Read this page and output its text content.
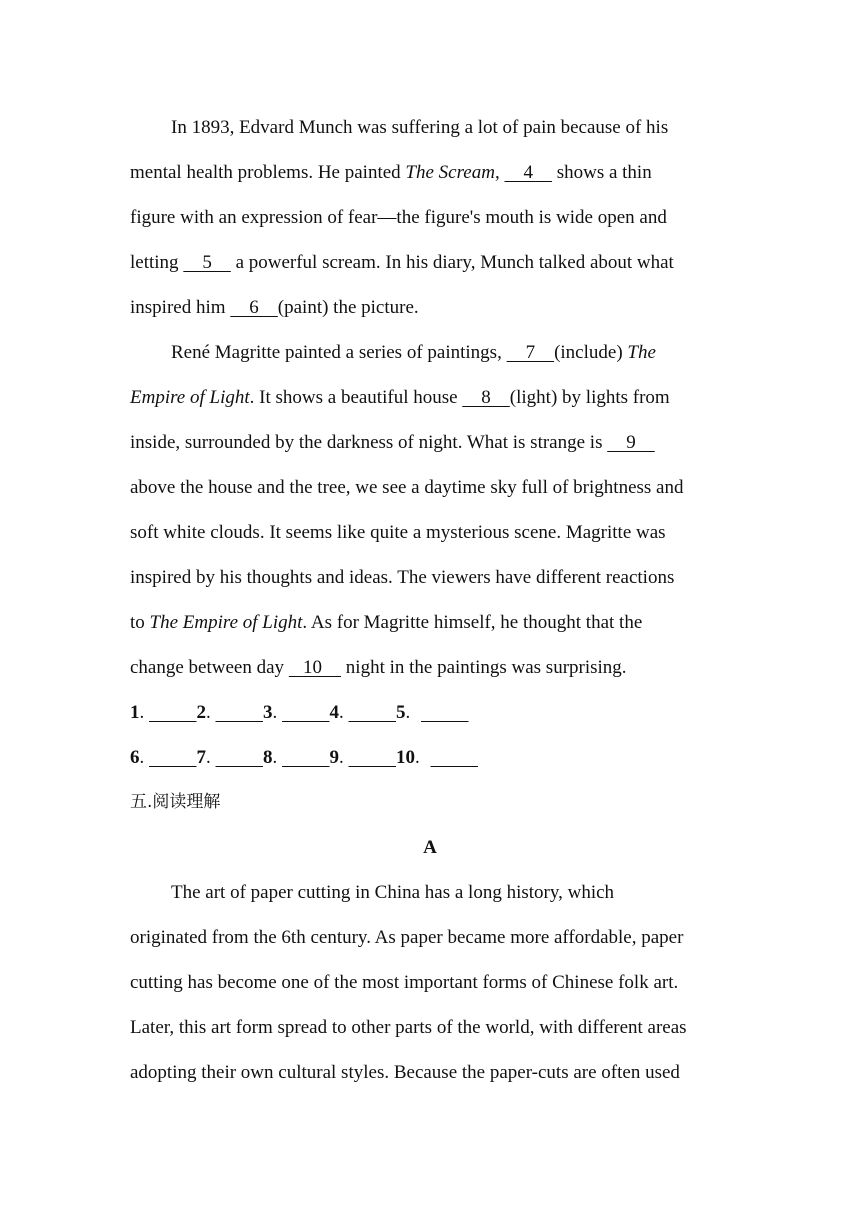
In 1893, Edvard Munch was suffering a lot of pain because of his
mental health problems. He painted The Scream,     4     shows a thin
figure with an expression of fear—the figure's mouth is wide open and
letting     5     a powerful scream. In his diary, Munch talked about what
inspired him     6    (paint) the picture.
René Magritte painted a series of paintings,     7    (include) The
Empire of Light. It shows a beautiful house     8    (light) by lights from
inside, surrounded by the darkness of night. What is strange is     9
above the house and the tree, we see a daytime sky full of brightness and
soft white clouds. It seems like quite a mysterious scene. Magritte was
inspired by his thoughts and ideas. The viewers have different reactions
to The Empire of Light. As for Magritte himself, he thought that the
change between day    10     night in the paintings was surprising.
1.	2.	3.	4.	5.
6.	7.	8.	9.	10.
五.阅读理解
A
The art of paper cutting in China has a long history, which
originated from the 6th century. As paper became more affordable, paper
cutting has become one of the most important forms of Chinese folk art.
Later, this art form spread to other parts of the world, with different areas
adopting their own cultural styles. Because the paper-cuts are often used
